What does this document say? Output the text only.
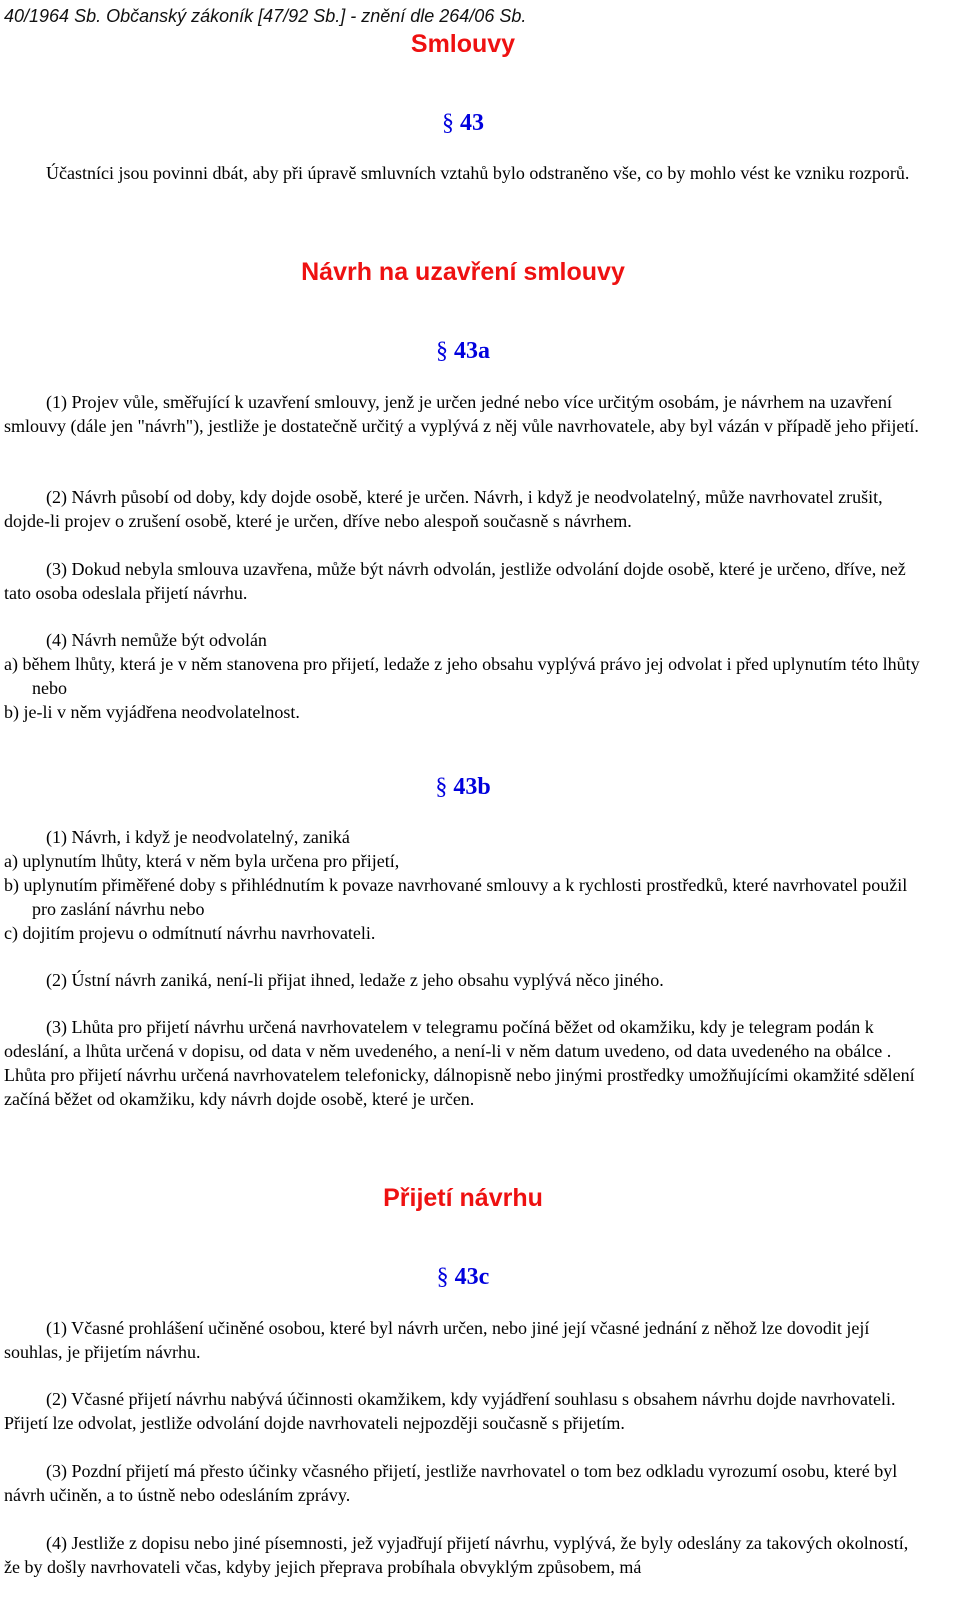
40/1964 Sb. Občanský zákoník [47/92 Sb.] - znění dle 264/06 Sb.
Smlouvy
§ 43

Účastníci jsou povinni dbát, aby při úpravě smluvních vztahů bylo odstraněno vše, co by mohlo vést ke vzniku rozporů.

Návrh na uzavření smlouvy
§ 43a

(1) Projev vůle, směřující k uzavření smlouvy, jenž je určen jedné nebo více určitým osobám, je návrhem na uzavření smlouvy (dále jen "návrh"), jestliže je dostatečně určitý a vyplývá z něj vůle navrhovatele, aby byl vázán v případě jeho přijetí.

(2) Návrh působí od doby, kdy dojde osobě, které je určen. Návrh, i když je neodvolatelný, může navrhovatel zrušit, dojde-li projev o zrušení osobě, které je určen, dříve nebo alespoň současně s návrhem.

(3) Dokud nebyla smlouva uzavřena, může být návrh odvolán, jestliže odvolání dojde osobě, které je určeno, dříve, než tato osoba odeslala přijetí návrhu.

(4) Návrh nemůže být odvolán
a) během lhůty, která je v něm stanovena pro přijetí, ledaže z jeho obsahu vyplývá právo jej odvolat i před uplynutím této lhůty nebo
b) je-li v něm vyjádřena neodvolatelnost.
§ 43b
(1) Návrh, i když je neodvolatelný, zaniká
a) uplynutím lhůty, která v něm byla určena pro přijetí,
b) uplynutím přiměřené doby s přihlédnutím k povaze navrhované smlouvy a k rychlosti prostředků, které navrhovatel použil pro zaslání návrhu nebo
c) dojitím projevu o odmítnutí návrhu navrhovateli.

(2) Ústní návrh zaniká, není-li přijat ihned, ledaže z jeho obsahu vyplývá něco jiného.

(3) Lhůta pro přijetí návrhu určená navrhovatelem v telegramu počíná běžet od okamžiku, kdy je telegram podán k odeslání, a lhůta určená v dopisu, od data v něm uvedeného, a není-li v něm datum uvedeno, od data uvedeného na obálce . Lhůta pro přijetí návrhu určená navrhovatelem telefonicky, dálnopisně nebo jinými prostředky umožňujícími okamžité sdělení začíná běžet od okamžiku, kdy návrh dojde osobě, které je určen.

Přijetí návrhu
§ 43c

(1) Včasné prohlášení učiněné osobou, které byl návrh určen, nebo jiné její včasné jednání z něhož lze dovodit její souhlas, je přijetím návrhu.

(2) Včasné přijetí návrhu nabývá účinnosti okamžikem, kdy vyjádření souhlasu s obsahem návrhu dojde navrhovateli. Přijetí lze odvolat, jestliže odvolání dojde navrhovateli nejpozději současně s přijetím.

(3) Pozdní přijetí má přesto účinky včasného přijetí, jestliže navrhovatel o tom bez odkladu vyrozumí osobu, které byl návrh učiněn, a to ústně nebo odesláním zprávy.

(4) Jestliže z dopisu nebo jiné písemnosti, jež vyjadřují přijetí návrhu, vyplývá, že byly odeslány za takových okolností, že by došly navrhovateli včas, kdyby jejich přeprava probíhala obvyklým způsobem, má
